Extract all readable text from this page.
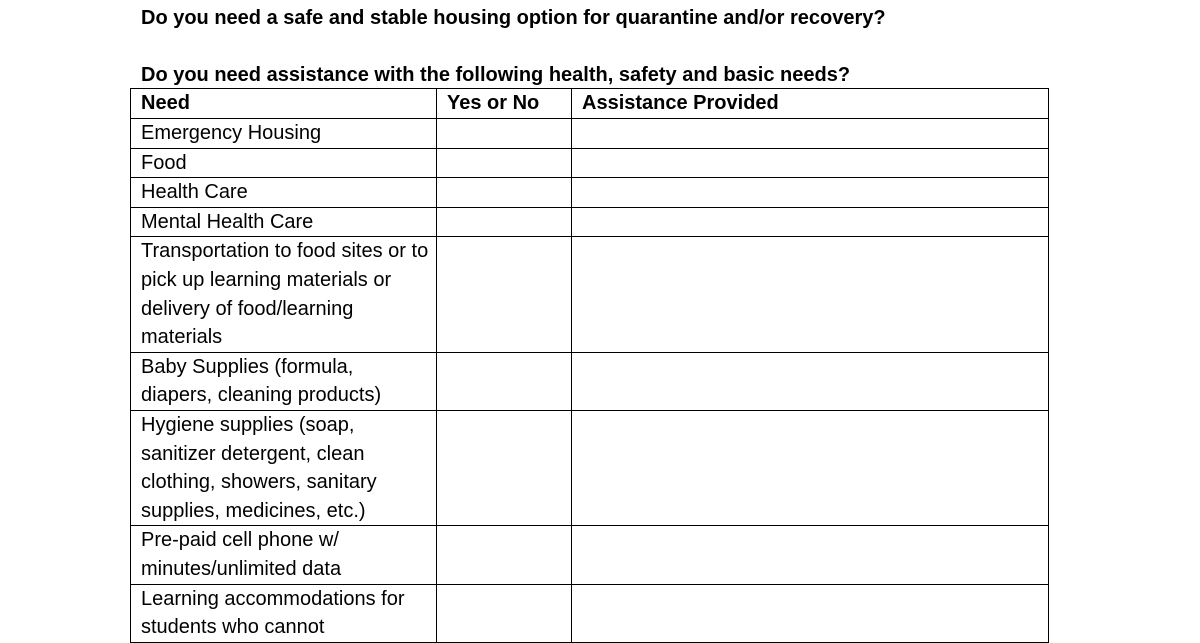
Do you need a safe and stable housing option for quarantine and/or recovery?
Do you need assistance with the following health, safety and basic needs?
Need	Yes or No	Assistance Provided

Emergency Housing		

Food		

Health Care		

Mental Health Care		

Transportation to food sites or to pick up learning materials or delivery of food/learning materials		

Baby Supplies (formula, diapers, cleaning products)		

Hygiene supplies (soap, sanitizer detergent, clean clothing, showers, sanitary supplies, medicines, etc.)		

Pre-paid cell phone w/ minutes/unlimited data		

Learning accommodations for students who cannot		
